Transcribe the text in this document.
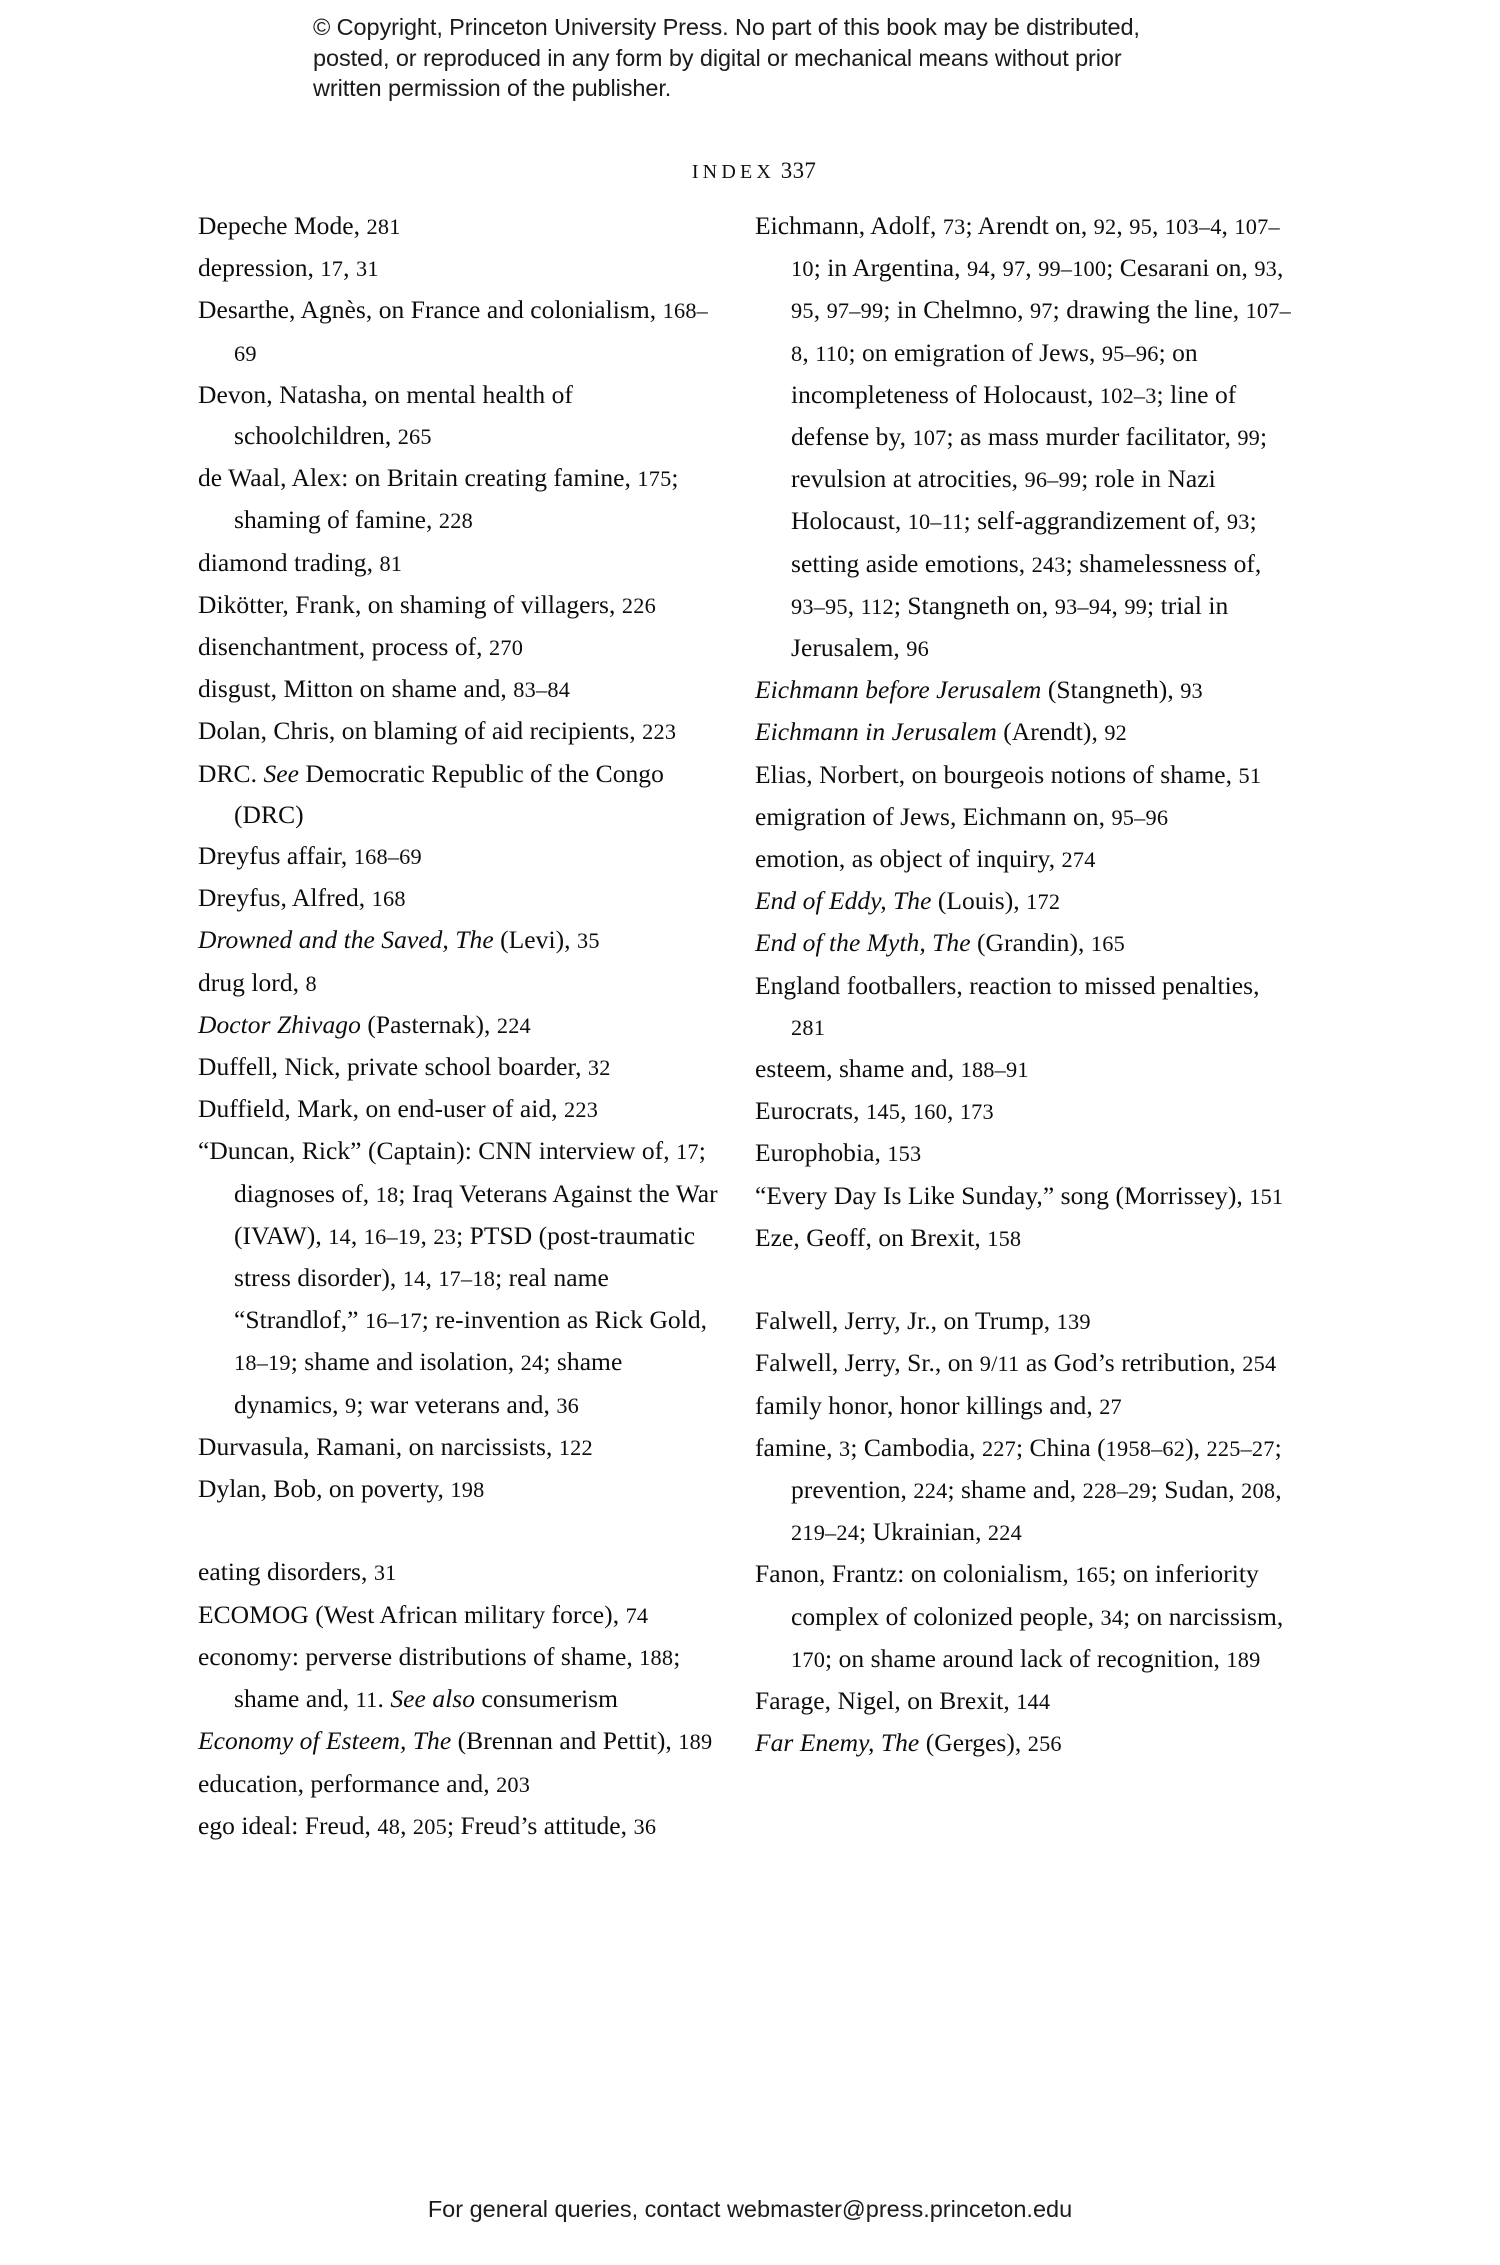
© Copyright, Princeton University Press. No part of this book may be distributed, posted, or reproduced in any form by digital or mechanical means without prior written permission of the publisher.

INDEX 337

Depeche Mode, 281
depression, 17, 31
Desarthe, Agnès, on France and colonialism, 168–69
Devon, Natasha, on mental health of schoolchildren, 265
de Waal, Alex: on Britain creating famine, 175; shaming of famine, 228
diamond trading, 81
Dikötter, Frank, on shaming of villagers, 226
disenchantment, process of, 270
disgust, Mitton on shame and, 83–84
Dolan, Chris, on blaming of aid recipients, 223
DRC. See Democratic Republic of the Congo (DRC)
Dreyfus affair, 168–69
Dreyfus, Alfred, 168
Drowned and the Saved, The (Levi), 35
drug lord, 8
Doctor Zhivago (Pasternak), 224
Duffell, Nick, private school boarder, 32
Duffield, Mark, on end-user of aid, 223
“Duncan, Rick” (Captain): CNN interview of, 17; diagnoses of, 18; Iraq Veterans Against the War (IVAW), 14, 16–19, 23; PTSD (post-traumatic stress disorder), 14, 17–18; real name “Strandlof,” 16–17; re-invention as Rick Gold, 18–19; shame and isolation, 24; shame dynamics, 9; war veterans and, 36
Durvasula, Ramani, on narcissists, 122
Dylan, Bob, on poverty, 198
eating disorders, 31
ECOMOG (West African military force), 74
economy: perverse distributions of shame, 188; shame and, 11. See also consumerism
Economy of Esteem, The (Brennan and Pettit), 189
education, performance and, 203
ego ideal: Freud, 48, 205; Freud’s attitude, 36
Eichmann, Adolf, 73; Arendt on, 92, 95, 103–4, 107–10; in Argentina, 94, 97, 99–100; Cesarani on, 93, 95, 97–99; in Chelmno, 97; drawing the line, 107–8, 110; on emigration of Jews, 95–96; on incompleteness of Holocaust, 102–3; line of defense by, 107; as mass murder facilitator, 99; revulsion at atrocities, 96–99; role in Nazi Holocaust, 10–11; self-aggrandizement of, 93; setting aside emotions, 243; shamelessness of, 93–95, 112; Stangneth on, 93–94, 99; trial in Jerusalem, 96
Eichmann before Jerusalem (Stangneth), 93
Eichmann in Jerusalem (Arendt), 92
Elias, Norbert, on bourgeois notions of shame, 51
emigration of Jews, Eichmann on, 95–96
emotion, as object of inquiry, 274
End of Eddy, The (Louis), 172
End of the Myth, The (Grandin), 165
England footballers, reaction to missed penalties, 281
esteem, shame and, 188–91
Eurocrats, 145, 160, 173
Europhobia, 153
“Every Day Is Like Sunday,” song (Morrissey), 151
Eze, Geoff, on Brexit, 158
Falwell, Jerry, Jr., on Trump, 139
Falwell, Jerry, Sr., on 9/11 as God’s retribution, 254
family honor, honor killings and, 27
famine, 3; Cambodia, 227; China (1958–62), 225–27; prevention, 224; shame and, 228–29; Sudan, 208, 219–24; Ukrainian, 224
Fanon, Frantz: on colonialism, 165; on inferiority complex of colonized people, 34; on narcissism, 170; on shame around lack of recognition, 189
Farage, Nigel, on Brexit, 144
Far Enemy, The (Gerges), 256
For general queries, contact webmaster@press.princeton.edu
